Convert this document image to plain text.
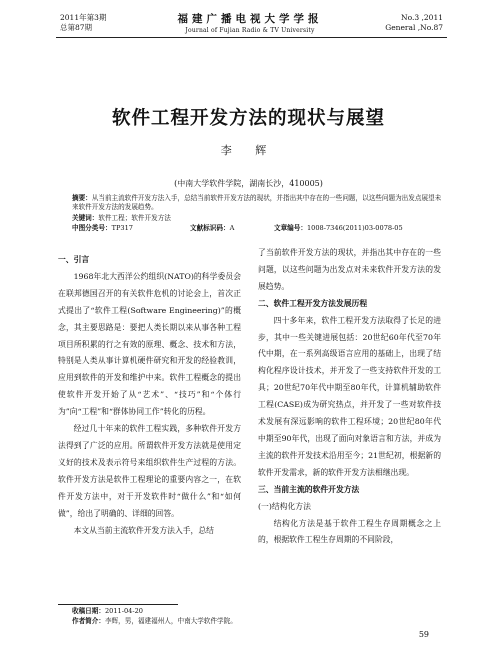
2011年第3期
总第87期
福建广播电视大学学报
Journal of Fujian Radio & TV University
No.3 ,2011
General ,No.87
软件工程开发方法的现状与展望
李 辉
(中南大学软件学院，湖南长沙，410005)
摘要：从当前主流软件开发方法入手，总结当前软件开发方法的现状，并指出其中存在的一些问题，以这些问题为出发点展望未来软件开发方法的发展趋势。
关键词：软件工程；软件开发方法
中图分类号：TP317	文献标识码：A	文章编号：1008-7346(2011)03-0078-05
一、引言

1968年北大西洋公约组织(NATO)的科学委员会在联邦德国召开的有关软件危机的讨论会上，首次正式提出了“软件工程(Software Engineering)”的概念，其主要思路是：要把人类长期以来从事各种工程项目所积累的行之有效的原理、概念、技术和方法，特别是人类从事计算机硬件研究和开发的经验教训，应用到软件的开发和维护中来。软件工程概念的提出使软件开发开始了从“艺术”、“技巧”和“个体行为”向“工程”和“群体协同工作”转化的历程。

经过几十年来的软件工程实践，多种软件开发方法得到了广泛的应用。所谓软件开发方法就是使用定义好的技术及表示符号来组织软件生产过程的方法。软件开发方法是软件工程理论的重要内容之一，在软件开发方法中，对于开发软件时“做什么”和“如何做”，给出了明确的、详细的回答。

本文从当前主流软件开发方法入手，总结

了当前软件开发方法的现状，并指出其中存在的一些问题，以这些问题为出发点对未来软件开发方法的发展趋势。

二、软件工程开发方法发展历程

四十多年来，软件工程开发方法取得了长足的进步，其中一些关键进展包括：20世纪60年代至70年代中期，在一系列高级语言应用的基础上，出现了结构化程序设计技术，并开发了一些支持软件开发的工具；20世纪70年代中期至80年代，计算机辅助软件工程(CASE)成为研究热点，并开发了一些对软件技术发展有深远影响的软件工程环境；20世纪80年代中期至90年代，出现了面向对象语言和方法，并成为主流的软件开发技术沿用至今；21世纪初，根据新的软件开发需求，新的软件开发方法相继出现。

三、当前主流的软件开发方法
(一)结构化方法

结构化方法是基于软件工程生存周期概念之上的，根据软件工程生存周期的不同阶段，

收稿日期：2011-04-20
作者简介：李辉，男，福建福州人，中南大学软件学院。
59
